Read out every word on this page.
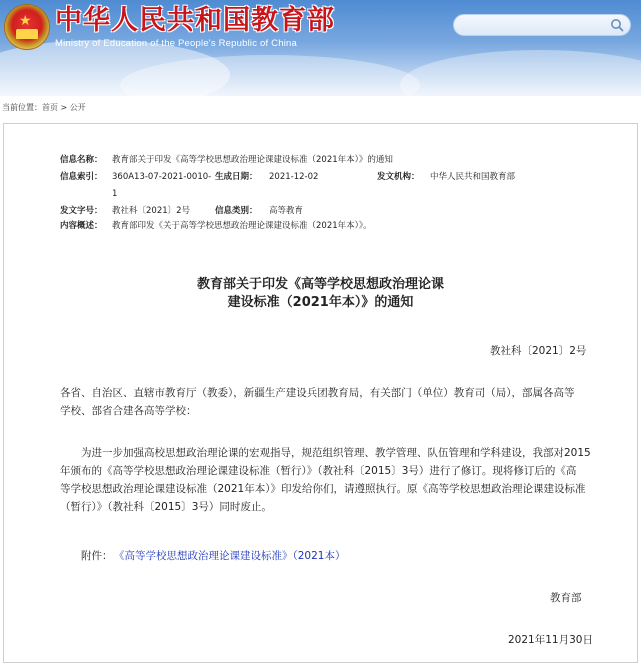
★ 中华人民共和国教育部
Ministry of Education of the People's Republic of China
当前位置：首页 > 公开
信息名称： 教育部关于印发《高等学校思想政治理论课建设标准（2021年本）》的通知
信息索引： 360A13-07-2021-0010-
1
生成日期： 2021-12-02	发文机构： 中华人民共和国教育部
发文字号： 教社科〔2021〕2号	信息类别： 高等教育
内容概述： 教育部印发《关于高等学校思想政治理论课建设标准（2021年本）》。
教育部关于印发《高等学校思想政治理论课
建设标准（2021年本）》的通知
教社科〔2021〕2号
各省、自治区、直辖市教育厅（教委），新疆生产建设兵团教育局，有关部门（单位）教育司（局），部属各高等
学校、部省合建各高等学校：
为进一步加强高校思想政治理论课的宏观指导，规范组织管理、教学管理、队伍管理和学科建设，我部对2015
年颁布的《高等学校思想政治理论课建设标准（暂行）》（教社科〔2015〕3号）进行了修订。现将修订后的《高
等学校思想政治理论课建设标准（2021年本）》印发给你们，请遵照执行。原《高等学校思想政治理论课建设标准
（暂行）》（教社科〔2015〕3号）同时废止。
附件： 《高等学校思想政治理论课建设标准》（2021本）
教育部
2021年11月30日
